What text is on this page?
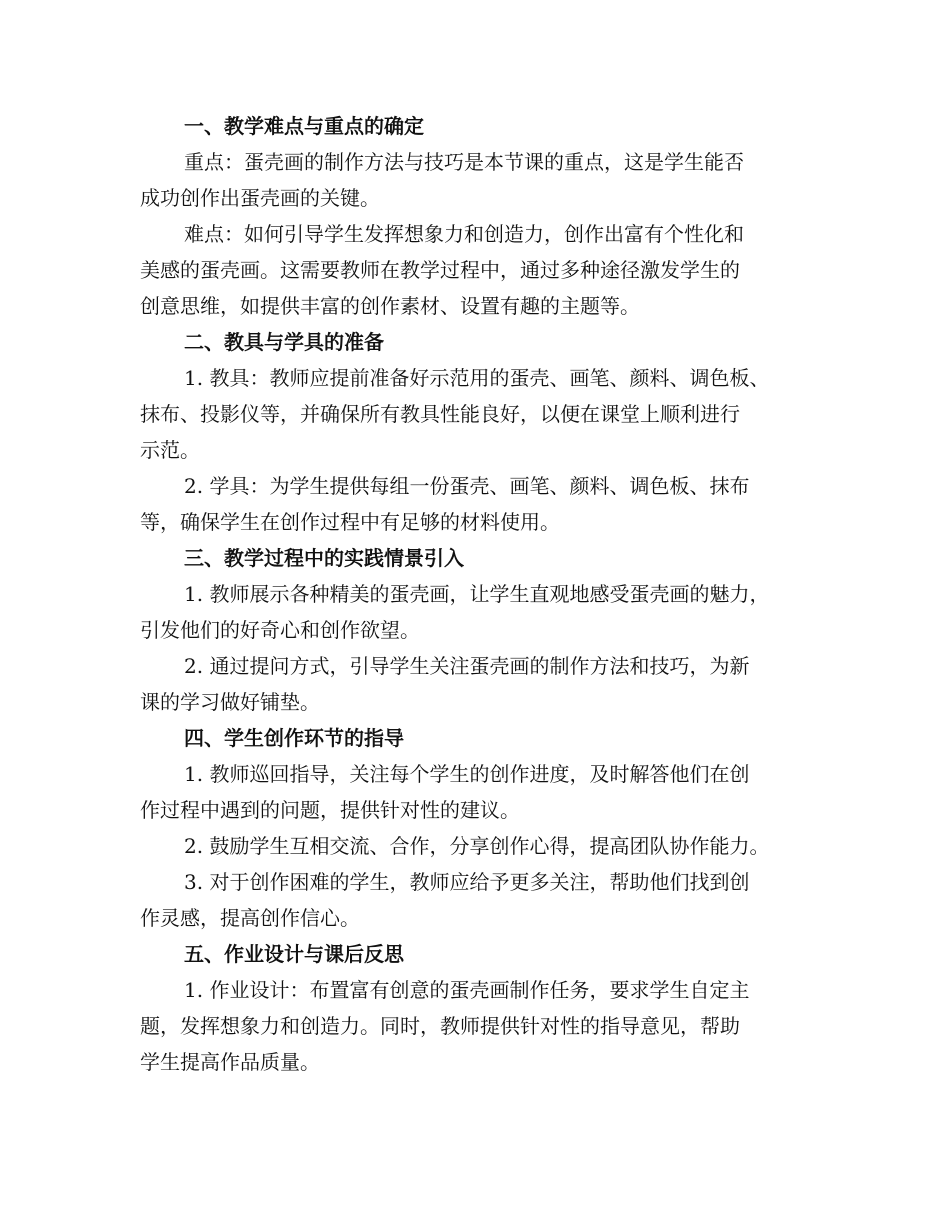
一、教学难点与重点的确定
重点：蛋壳画的制作方法与技巧是本节课的重点，这是学生能否
成功创作出蛋壳画的关键。
难点：如何引导学生发挥想象力和创造力，创作出富有个性化和
美感的蛋壳画。这需要教师在教学过程中，通过多种途径激发学生的
创意思维，如提供丰富的创作素材、设置有趣的主题等。
二、教具与学具的准备
1. 教具：教师应提前准备好示范用的蛋壳、画笔、颜料、调色板、
抹布、投影仪等，并确保所有教具性能良好，以便在课堂上顺利进行
示范。
2. 学具：为学生提供每组一份蛋壳、画笔、颜料、调色板、抹布
等，确保学生在创作过程中有足够的材料使用。
三、教学过程中的实践情景引入
1. 教师展示各种精美的蛋壳画，让学生直观地感受蛋壳画的魅力，
引发他们的好奇心和创作欲望。
2. 通过提问方式，引导学生关注蛋壳画的制作方法和技巧，为新
课的学习做好铺垫。
四、学生创作环节的指导
1. 教师巡回指导，关注每个学生的创作进度，及时解答他们在创
作过程中遇到的问题，提供针对性的建议。
2. 鼓励学生互相交流、合作，分享创作心得，提高团队协作能力。
3. 对于创作困难的学生，教师应给予更多关注，帮助他们找到创
作灵感，提高创作信心。
五、作业设计与课后反思
1. 作业设计：布置富有创意的蛋壳画制作任务，要求学生自定主
题，发挥想象力和创造力。同时，教师提供针对性的指导意见，帮助
学生提高作品质量。
